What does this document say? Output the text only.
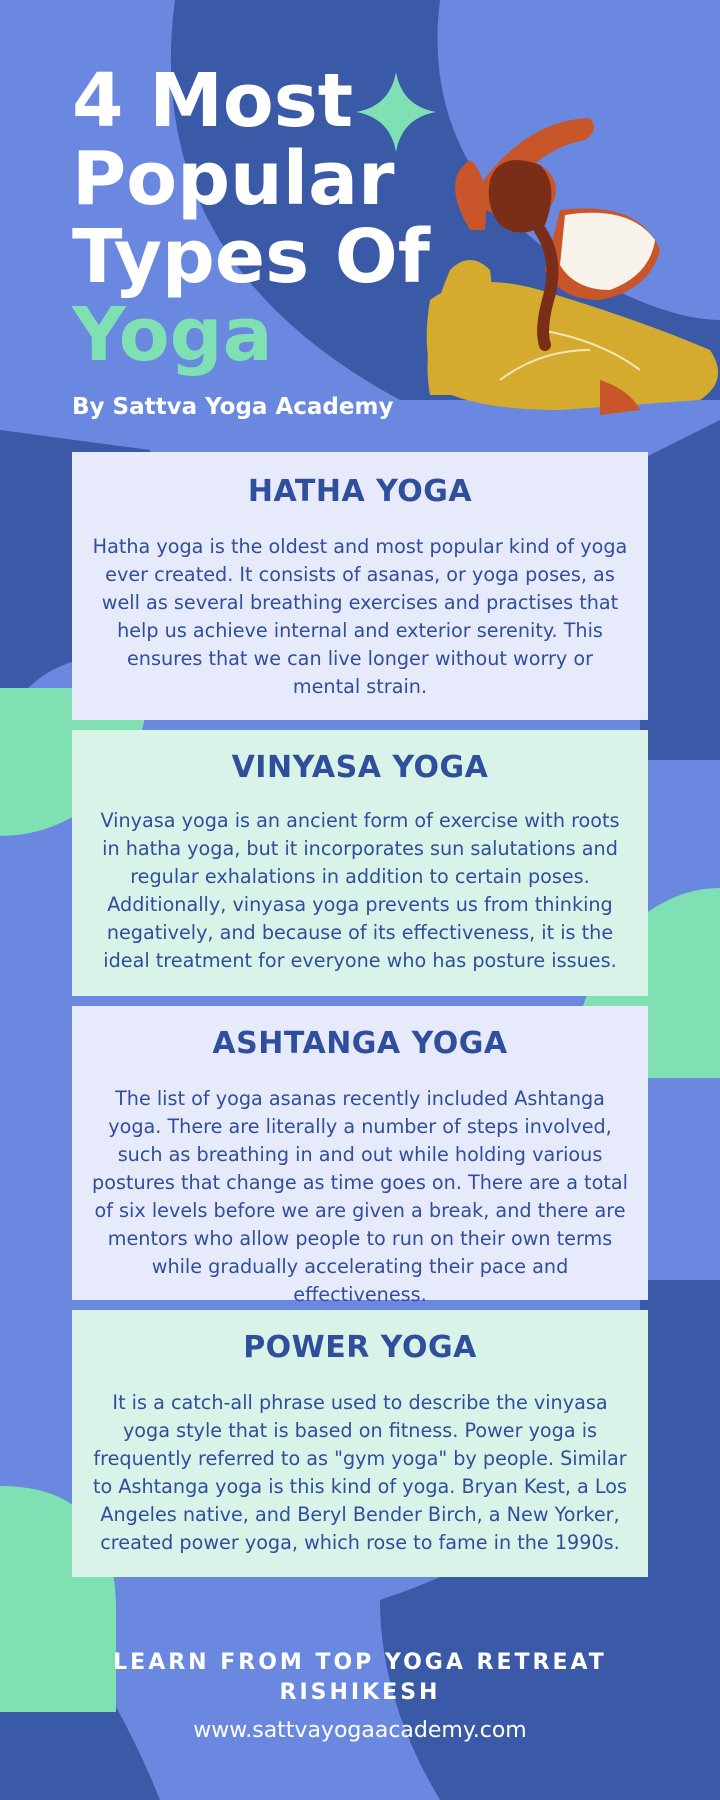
4 Most
Popular
Types Of
Yoga
By Sattva Yoga Academy
HATHA YOGA

Hatha yoga is the oldest and most popular kind of yoga ever created. It consists of asanas, or yoga poses, as well as several breathing exercises and practises that help us achieve internal and exterior serenity. This ensures that we can live longer without worry or mental strain.

VINYASA YOGA

Vinyasa yoga is an ancient form of exercise with roots in hatha yoga, but it incorporates sun salutations and regular exhalations in addition to certain poses. Additionally, vinyasa yoga prevents us from thinking negatively, and because of its effectiveness, it is the ideal treatment for everyone who has posture issues.

ASHTANGA YOGA

The list of yoga asanas recently included Ashtanga yoga. There are literally a number of steps involved, such as breathing in and out while holding various postures that change as time goes on. There are a total of six levels before we are given a break, and there are mentors who allow people to run on their own terms while gradually accelerating their pace and effectiveness.

POWER YOGA

It is a catch-all phrase used to describe the vinyasa yoga style that is based on fitness. Power yoga is frequently referred to as "gym yoga" by people. Similar to Ashtanga yoga is this kind of yoga. Bryan Kest, a Los Angeles native, and Beryl Bender Birch, a New Yorker, created power yoga, which rose to fame in the 1990s.

LEARN FROM TOP YOGA RETREAT
RISHIKESH
www.sattvayogaacademy.com
